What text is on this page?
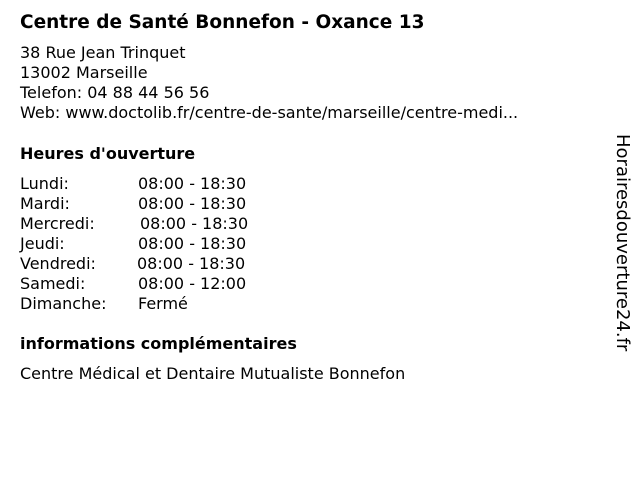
Centre de Santé Bonnefon - Oxance 13
38 Rue Jean Trinquet
13002 Marseille
Telefon: 04 88 44 56 56
Web: www.doctolib.fr/centre-de-sante/marseille/centre-medi...
Heures d'ouverture
Lundi:	08:00 - 18:30
Mardi:	08:00 - 18:30
Mercredi:	08:00 - 18:30
Jeudi:	08:00 - 18:30
Vendredi:	08:00 - 18:30
Samedi:	08:00 - 12:00
Dimanche: Fermé
informations complémentaires
Centre Médical et Dentaire Mutualiste Bonnefon
Horairesdouverture24.fr
